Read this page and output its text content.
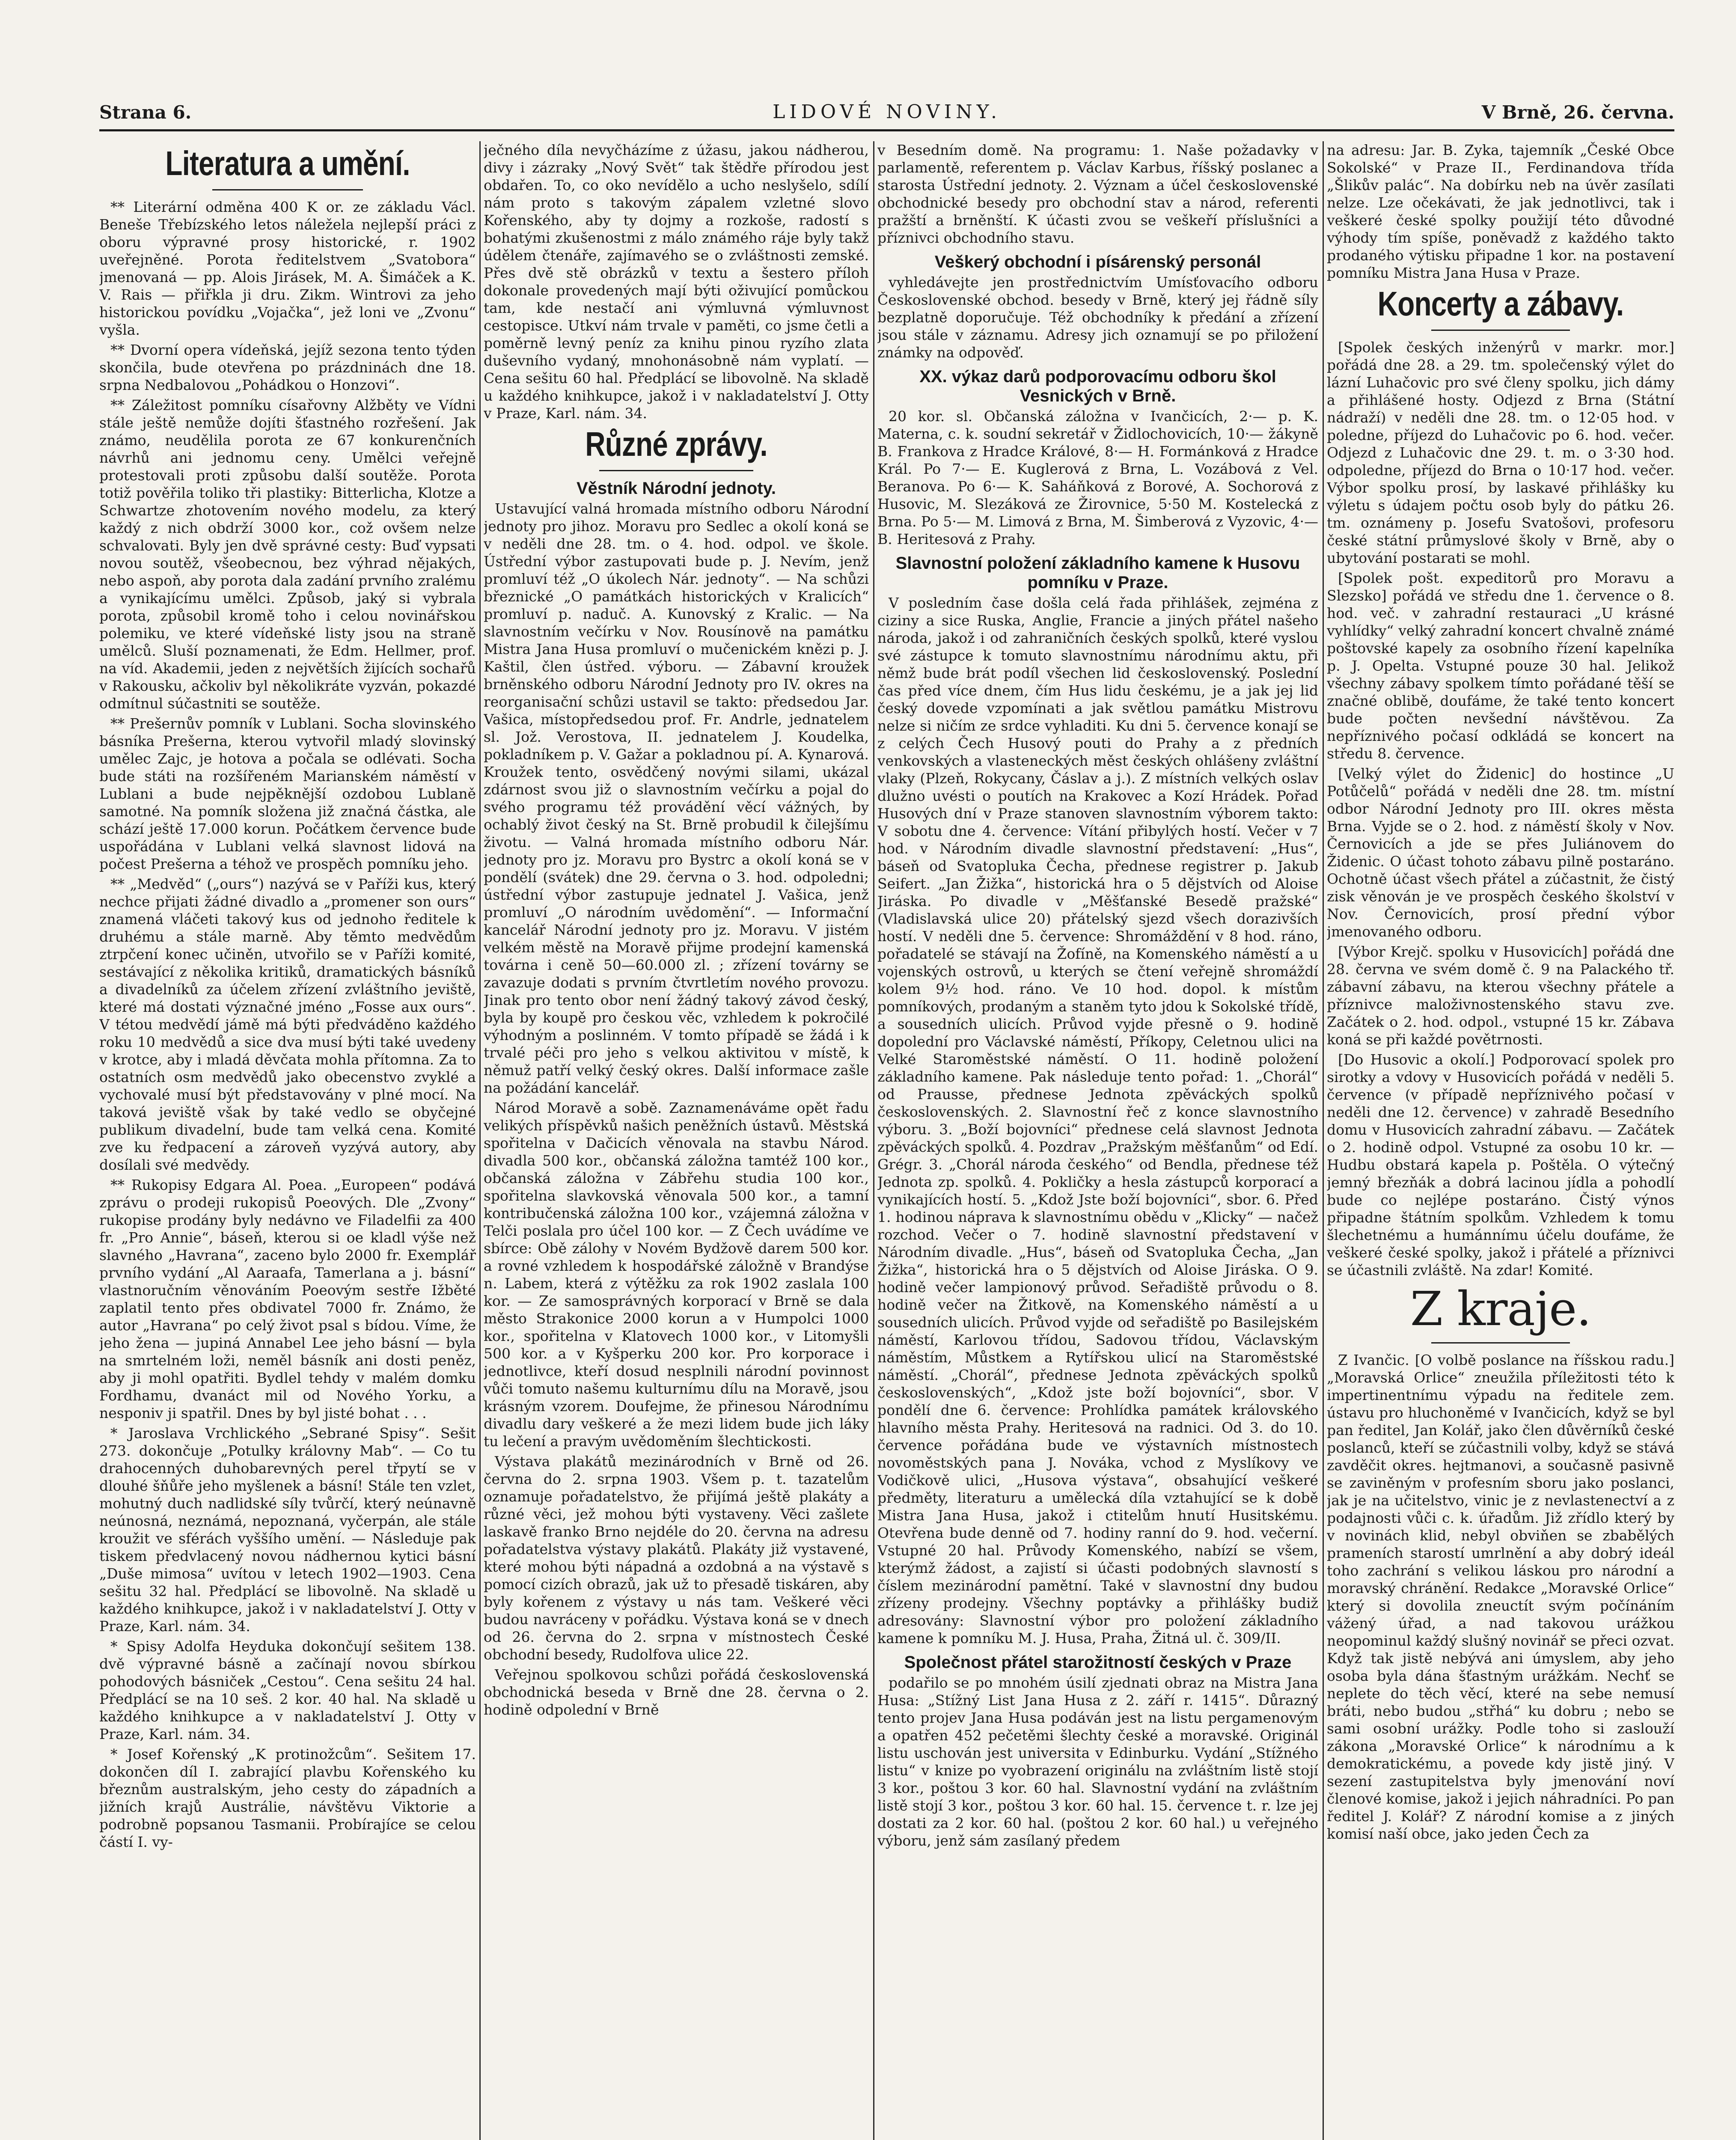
Strana 6.	LIDOVÉ NOVINY.	V Brně, 26. června.
Literatura a umění.

** Literární odměna 400 K or. ze základu Václ. Beneše Třebízského letos náležela nejlepší práci z oboru výpravné prosy historické, r. 1902 uveřejněné. Porota ředitelstvem „Svatobora“ jmenovaná — pp. Alois Jirásek, M. A. Šimáček a K. V. Rais — přiřkla ji dru. Zikm. Wintrovi za jeho historickou povídku „Vojačka“, jež loni ve „Zvonu“ vyšla.

** Dvorní opera vídeňská, jejíž sezona tento týden skončila, bude otevřena po prázdninách dne 18. srpna Nedbalovou „Pohádkou o Honzovi“.

** Záležitost pomníku císařovny Alžběty ve Vídni stále ještě nemůže dojíti šťastného rozřešení. Jak známo, neudělila porota ze 67 konkurenčních návrhů ani jednomu ceny. Umělci veřejně protestovali proti způsobu další soutěže. Porota totiž pověřila toliko tři plastiky: Bitterlicha, Klotze a Schwartze zhotovením nového modelu, za který každý z nich obdrží 3000 kor., což ovšem nelze schvalovati. Byly jen dvě správné cesty: Buď vypsati novou soutěž, všeobecnou, bez výhrad nějakých, nebo aspoň, aby porota dala zadání prvního zralému a vynikajícímu umělci. Způsob, jaký si vybrala porota, způsobil kromě toho i celou novinářskou polemiku, ve které vídeňské listy jsou na straně umělců. Sluší poznamenati, že Edm. Hellmer, prof. na víd. Akademii, jeden z největších žijících sochařů v Rakousku, ačkoliv byl několikráte vyzván, pokazdé odmítnul súčastniti se soutěže.

** Prešernův pomník v Lublani. Socha slovinského básníka Prešerna, kterou vytvořil mladý slovinský umělec Zajc, je hotova a počala se odlévati. Socha bude státi na rozšířeném Marianském náměstí v Lublani a bude nejpěknější ozdobou Lublaně samotné. Na pomník složena již značná částka, ale schází ještě 17.000 korun. Počátkem července bude uspořádána v Lublani velká slavnost lidová na počest Prešerna a téhož ve prospěch pomníku jeho.

** „Medvěd“ („ours“) nazývá se v Paříži kus, který nechce přijati žádné divadlo a „promener son ours“ znamená vláčeti takový kus od jednoho ředitele k druhému a stále marně. Aby těmto medvědům ztrpčení konec učiněn, utvořilo se v Paříži komité, sestávající z několika kritiků, dramatických básníků a divadelníků za účelem zřízení zvláštního jeviště, které má dostati význačné jméno „Fosse aux ours“. V tétou medvědí jámě má býti předváděno každého roku 10 medvědů a sice dva musí býti také uvedeny v krotce, aby i mladá děvčata mohla přítomna. Za to ostatních osm medvědů jako obecenstvo zvyklé a vychovalé musí být představovány v plné mocí. Na taková jeviště však by také vedlo se obyčejné publikum divadelní, bude tam velká cena. Komité zve ku ředpacení a zároveň vyzývá autory, aby dosílali své medvědy.

** Rukopisy Edgara Al. Poea. „Europeen“ podává zprávu o prodeji rukopisů Poeových. Dle „Zvony“ rukopise prodány byly nedávno ve Filadelfii za 400 fr. „Pro Annie“, báseň, kterou si oe kladl výše než slavného „Havrana“, zaceno bylo 2000 fr. Exemplář prvního vydání „Al Aaraafa, Tamerlana a j. básní“ vlastnoručním věnováním Poeovým sestře Ižběté zaplatil tento přes obdivatel 7000 fr. Známo, že autor „Havrana“ po celý život psal s bídou. Víme, že jeho žena — jupiná Annabel Lee jeho básní — byla na smrtelném loži, neměl básník ani dosti peněz, aby ji mohl opatřiti. Bydlel tehdy v malém domku Fordhamu, dvanáct mil od Nového Yorku, a nesponiv ji spatřil. Dnes by byl jisté bohat . . .

* Jaroslava Vrchlického „Sebrané Spisy“. Sešit 273. dokončuje „Potulky královny Mab“. — Co tu drahocenných duhobarevných perel třpytí se v dlouhé šňůře jeho myšlenek a básní! Stále ten vzlet, mohutný duch nadlidské síly tvůrčí, který neúnavně neúnosná, neznámá, nepoznaná, vyčerpán, ale stále kroužit ve sférách vyššího umění. — Následuje pak tiskem předvlacený novou nádhernou kytici básní „Duše mimosa“ uvítou v letech 1902—1903. Cena sešitu 32 hal. Předplácí se libovolně. Na skladě u každého knihkupce, jakož i v nakladatelství J. Otty v Praze, Karl. nám. 34.

* Spisy Adolfa Heyduka dokončují sešitem 138. dvě výpravné básně a začínají novou sbírkou pohodových básniček „Cestou“. Cena sešitu 24 hal. Předplácí se na 10 seš. 2 kor. 40 hal. Na skladě u každého knihkupce a v nakladatelství J. Otty v Praze, Karl. nám. 34.

* Josef Kořenský „K protinožcům“. Sešitem 17. dokončen díl I. zabrající plavbu Kořenského ku březnům australským, jeho cesty do západních a jižních krajů Austrálie, návštěvu Viktorie a podrobně popsanou Tasmanii. Probírajíce se celou částí I. vy-

ječného díla nevyčházíme z úžasu, jakou nádherou, divy i zázraky „Nový Svět“ tak štědře přírodou jest obdařen. To, co oko nevídělo a ucho neslyšelo, sdílí nám proto s takovým zápalem vzletné slovo Kořenského, aby ty dojmy a rozkoše, radostí s bohatými zkušenostmi z málo známého ráje byly takž údělem čtenáře, zajímavého se o zvláštnosti zemské. Přes dvě stě obrázků v textu a šestero příloh dokonale provedených mají býti oživující pomůckou tam, kde nestačí ani výmluvná výmluvnost cestopisce. Utkví nám trvale v paměti, co jsme četli a poměrně levný peníz za knihu pinou ryzího zlata duševního vydaný, mnohonásobně nám vyplatí. — Cena sešitu 60 hal. Předplácí se libovolně. Na skladě u každého knihkupce, jakož i v nakladatelství J. Otty v Praze, Karl. nám. 34.

Různé zprávy.
Věstník Národní jednoty.

Ustavující valná hromada místního odboru Národní jednoty pro jihoz. Moravu pro Sedlec a okolí koná se v neděli dne 28. tm. o 4. hod. odpol. ve škole. Ústřední výbor zastupovati bude p. J. Nevím, jenž promluví též „O úkolech Nár. jednoty“. — Na schůzi březnické „O památkách historických v Kralicích“ promluví p. naduč. A. Kunovský z Kralic. — Na slavnostním večírku v Nov. Rousínově na památku Mistra Jana Husa promluví o mučenickém knězi p. J. Kaštil, člen ústřed. výboru. — Zábavní kroužek brněnského odboru Národní Jednoty pro IV. okres na reorganisační schůzi ustavil se takto: předsedou Jar. Vašica, místopředsedou prof. Fr. Andrle, jednatelem sl. Jož. Verostova, II. jednatelem J. Koudelka, pokladníkem p. V. Gažar a pokladnou pí. A. Kynarová. Kroužek tento, osvědčený novými silami, ukázal zdárnost svou již o slavnostním večírku a pojal do svého programu též provádění věcí vážných, by ochablý život český na St. Brně probudil k čilejšímu životu. — Valná hromada místního odboru Nár. jednoty pro jz. Moravu pro Bystrc a okolí koná se v pondělí (svátek) dne 29. června o 3. hod. odpoledni; ústřední výbor zastupuje jednatel J. Vašica, jenž promluví „O národním uvědomění“. — Informační kancelář Národní jednoty pro jz. Moravu. V jistém velkém městě na Moravě přijme prodejní kamenská továrna i ceně 50—60.000 zl. ; zřízení továrny se zavazuje dodati s prvním čtvrtletím nového provozu. Jinak pro tento obor není žádný takový závod český, byla by koupě pro českou věc, vzhledem k pokročilé výhodným a poslinném. V tomto případě se žádá i k trvalé péči pro jeho s velkou aktivitou v místě, k němuž patří velký český okres. Další informace zašle na požádání kancelář.

Národ Moravě a sobě. Zaznamenáváme opět řadu velikých příspěvků našich peněžních ústavů. Městská spořitelna v Dačicích věnovala na stavbu Národ. divadla 500 kor., občanská záložna tamtéž 100 kor., občanská záložna v Zábřehu studia 100 kor., spořitelna slavkovská věnovala 500 kor., a tamní kontribučenská záložna 100 kor., vzájemná záložna v Telči poslala pro účel 100 kor. — Z Čech uvádíme ve sbírce: Obě zálohy v Novém Bydžově darem 500 kor. a rovné vzhledem k hospodářské záložně v Brandýse n. Labem, která z výtěžku za rok 1902 zaslala 100 kor. — Ze samosprávných korporací v Brně se dala město Strakonice 2000 korun a v Humpolci 1000 kor., spořitelna v Klatovech 1000 kor., v Litomyšli 500 kor. a v Kyšperku 200 kor. Pro korporace i jednotlivce, kteří dosud nesplnili národní povinnost vůči tomuto našemu kulturnímu dílu na Moravě, jsou krásným vzorem. Doufejme, že přinesou Národnímu divadlu dary veškeré a že mezi lidem bude jich láky tu lečení a pravým uvědoměním šlechtickosti.

Výstava plakátů mezinárodních v Brně od 26. června do 2. srpna 1903. Všem p. t. tazatelům oznamuje pořadatelstvo, že přijímá ještě plakáty a různé věci, jež mohou býti vystaveny. Věci zašlete laskavě franko Brno nejdéle do 20. června na adresu pořadatelstva výstavy plakátů. Plakáty již vystavené, které mohou býti nápadná a ozdobná a na výstavě s pomocí cizích obrazů, jak už to přesadě tiskáren, aby byly kořenem z výstavy u nás tam. Veškeré věci budou navráceny v pořádku. Výstava koná se v dnech od 26. června do 2. srpna v místnostech České obchodní besedy, Rudolfova ulice 22.

Veřejnou spolkovou schůzi pořádá československá obchodnická beseda v Brně dne 28. června o 2. hodině odpolední v Brně

v Besedním domě. Na programu: 1. Naše požadavky v parlamentě, referentem p. Václav Karbus, říšský poslanec a starosta Ústřední jednoty. 2. Význam a účel československé obchodnické besedy pro obchodní stav a národ, referenti pražští a brněnští. K účasti zvou se veškeří příslušníci a příznivci obchodního stavu.

Veškerý obchodní i písárenský personál

vyhledávejte jen prostřednictvím Umísťovacího odboru Československé obchod. besedy v Brně, který jej řádně síly bezplatně doporučuje. Též obchodníky k předání a zřízení jsou stále v záznamu. Adresy jich oznamují se po přiložení známky na odpověď.

XX. výkaz darů podporovacímu odboru škol Vesnických v Brně.

20 kor. sl. Občanská záložna v Ivančicích, 2·— p. K. Materna, c. k. soudní sekretář v Židlochovicích, 10·— žákyně B. Frankova z Hradce Králové, 8·— H. Formánková z Hradce Král. Po 7·— E. Kuglerová z Brna, L. Vozábová z Vel. Beranova. Po 6·— K. Saháňková z Borové, A. Sochorová z Husovic, M. Slezáková ze Žirovnice, 5·50 M. Kostelecká z Brna. Po 5·— M. Limová z Brna, M. Šimberová z Vyzovic, 4·— B. Heritesová z Prahy.

Slavnostní položení základního kamene k Husovu pomníku v Praze.

V posledním čase došla celá řada přihlášek, zejména z ciziny a sice Ruska, Anglie, Francie a jiných přátel našeho národa, jakož i od zahraničních českých spolků, které vyslou své zástupce k tomuto slavnostnímu národnímu aktu, při němž bude brát podíl všechen lid československý. Poslední čas před více dnem, čím Hus lidu českému, je a jak jej lid český dovede vzpomínati a jak světlou památku Mistrovu nelze si ničím ze srdce vyhladiti. Ku dni 5. července konají se z celých Čech Husový pouti do Prahy a z předních venkovských a vlasteneckých měst českých ohlášeny zvláštní vlaky (Plzeň, Rokycany, Čáslav a j.). Z místních velkých oslav dlužno uvésti o poutích na Krakovec a Kozí Hrádek. Pořad Husových dní v Praze stanoven slavnostním výborem takto: V sobotu dne 4. července: Vítání přibylých hostí. Večer v 7 hod. v Národním divadle slavnostní představení: „Hus“, báseň od Svatopluka Čecha, přednese registrer p. Jakub Seifert. „Jan Žižka“, historická hra o 5 dějstvích od Aloise Jiráska. Po divadle v „Měšťanské Besedě pražské“ (Vladislavská ulice 20) přátelský sjezd všech dorazivších hostí. V neděli dne 5. července: Shromáždění v 8 hod. ráno, pořadatelé se stávají na Žofíně, na Komenského náměstí a u vojenských ostrovů, u kterých se čtení veřejně shromáždí kolem 9½ hod. ráno. Ve 10 hod. dopol. k místům pomníkových, prodaným a staněm tyto jdou k Sokolské třídě, a sousedních ulicích. Průvod vyjde přesně o 9. hodině dopolední pro Václavské náměstí, Příkopy, Celetnou ulici na Velké Staroměstské náměstí. O 11. hodině položení základního kamene. Pak následuje tento pořad: 1. „Chorál“ od Prausse, přednese Jednota zpěváckých spolků československých. 2. Slavnostní řeč z konce slavnostního výboru. 3. „Boží bojovníci“ přednese celá slavnost Jednota zpěváckých spolků. 4. Pozdrav „Pražským měšťanům“ od Edí. Grégr. 3. „Chorál národa českého“ od Bendla, přednese též Jednota zp. spolků. 4. Pokličky a hesla zástupců korporací a vynikajících hostí. 5. „Kdož Jste boží bojovníci“, sbor. 6. Před 1. hodinou náprava k slavnostnímu obědu v „Klicky“ — načež rozchod. Večer o 7. hodině slavnostní představení v Národním divadle. „Hus“, báseň od Svatopluka Čecha, „Jan Žižka“, historická hra o 5 dějstvích od Aloise Jiráska. O 9. hodině večer lampionový průvod. Seřadiště průvodu o 8. hodině večer na Žitkově, na Komenského náměstí a u sousedních ulicích. Průvod vyjde od seřadiště po Basilejském náměstí, Karlovou třídou, Sadovou třídou, Václavským náměstím, Můstkem a Rytířskou ulicí na Staroměstské náměstí. „Chorál“, přednese Jednota zpěváckých spolků československých“, „Kdož jste boží bojovníci“, sbor. V pondělí dne 6. července: Prohlídka památek královského hlavního města Prahy. Heritesová na radnici. Od 3. do 10. července pořádána bude ve výstavních místnostech novoměstských pana J. Nováka, vchod z Myslíkovy ve Vodičkově ulici, „Husova výstava“, obsahující veškeré předměty, literaturu a umělecká díla vztahující se k době Mistra Jana Husa, jakož i ctitelům hnutí Husitskému. Otevřena bude denně od 7. hodiny ranní do 9. hod. večerní. Vstupné 20 hal. Průvody Komenského, nabízí se všem, kterýmž žádost, a zajistí si účasti podobných slavností s číslem mezinárodní pamětní. Také v slavnostní dny budou zřízeny prodejny. Všechny poptávky a přihlášky budiž adresovány: Slavnostní výbor pro položení základního kamene k pomníku M. J. Husa, Praha, Žitná ul. č. 309/II.

Společnost přátel starožitností českých v Praze

podařilo se po mnohém úsilí zjednati obraz na Mistra Jana Husa: „Stížný List Jana Husa z 2. září r. 1415“. Důrazný tento projev Jana Husa podáván jest na listu pergamenovým a opatřen 452 pečetěmi šlechty české a moravské. Originál listu uschován jest universita v Edinburku. Vydání „Stížného listu“ v knize po vyobrazení originálu na zvláštním listě stojí 3 kor., poštou 3 kor. 60 hal. Slavnostní vydání na zvláštním listě stojí 3 kor., poštou 3 kor. 60 hal. 15. července t. r. lze jej dostati za 2 kor. 60 hal. (poštou 2 kor. 60 hal.) u veřejného výboru, jenž sám zasílaný předem

na adresu: Jar. B. Zyka, tajemník „České Obce Sokolské“ v Praze II., Ferdinandova třída „Šlikův palác“. Na dobírku neb na úvěr zasílati nelze. Lze očekávati, že jak jednotlivci, tak i veškeré české spolky použijí této důvodné výhody tím spíše, poněvadž z každého takto prodaného výtisku připadne 1 kor. na postavení pomníku Mistra Jana Husa v Praze.

Koncerty a zábavy.

[Spolek českých inženýrů v markr. mor.] pořádá dne 28. a 29. tm. společenský výlet do lázní Luhačovic pro své členy spolku, jich dámy a přihlášené hosty. Odjezd z Brna (Státní nádraží) v neděli dne 28. tm. o 12·05 hod. v poledne, příjezd do Luhačovic po 6. hod. večer. Odjezd z Luhačovic dne 29. t. m. o 3·30 hod. odpoledne, příjezd do Brna o 10·17 hod. večer. Výbor spolku prosí, by laskavé přihlášky ku výletu s údajem počtu osob byly do pátku 26. tm. oznámeny p. Josefu Svatošovi, profesoru české státní průmyslové školy v Brně, aby o ubytování postarati se mohl.

[Spolek pošt. expeditorů pro Moravu a Slezsko] pořádá ve středu dne 1. července o 8. hod. več. v zahradní restauraci „U krásné vyhlídky“ velký zahradní koncert chvalně známé poštovské kapely za osobního řízení kapelníka p. J. Opelta. Vstupné pouze 30 hal. Jelikož všechny zábavy spolkem tímto pořádané těší se značné oblibě, doufáme, že také tento koncert bude počten nevšední návštěvou. Za nepříznivého počasí odkládá se koncert na středu 8. července.

[Velký výlet do Židenic] do hostince „U Potůčelů“ pořádá v neděli dne 28. tm. místní odbor Národní Jednoty pro III. okres města Brna. Vyjde se o 2. hod. z náměstí školy v Nov. Černovicích a jde se přes Juliánovem do Židenic. O účast tohoto zábavu pilně postaráno. Ochotně účast všech přátel a zúčastnit, že čistý zisk věnován je ve prospěch českého školství v Nov. Černovicích, prosí přední výbor jmenovaného odboru.

[Výbor Krejč. spolku v Husovicích] pořádá dne 28. června ve svém domě č. 9 na Palackého tř. zábavní zábavu, na kterou všechny přátele a příznivce maloživnostenského stavu zve. Začátek o 2. hod. odpol., vstupné 15 kr. Zábava koná se při každé povětrnosti.

[Do Husovic a okolí.] Podporovací spolek pro sirotky a vdovy v Husovicích pořádá v neděli 5. července (v případě nepříznivého počasí v neděli dne 12. července) v zahradě Besedního domu v Husovicích zahradní zábavu. — Začátek o 2. hodině odpol. Vstupné za osobu 10 kr. — Hudbu obstará kapela p. Poštěla. O výtečný jemný březňák a dobrá lacinou jídla a pohodlí bude co nejlépe postaráno. Čistý výnos připadne štátním spolkům. Vzhledem k tomu šlechetnému a humánnímu účelu doufáme, že veškeré české spolky, jakož i přátelé a příznivci se účastnili zvláště. Na zdar! Komité.

Z kraje.

Z Ivančic. [O volbě poslance na říšskou radu.] „Moravská Orlice“ zneužila příležitosti této k impertinentnímu výpadu na ředitele zem. ústavu pro hluchoněmé v Ivančicích, když se byl pan ředitel, Jan Kolář, jako člen důvěrníků české poslanců, kteří se zúčastnili volby, když se stává zavděčit okres. hejtmanovi, a současně pasivně se zaviněným v profesním sboru jako poslanci, jak je na učitelstvo, vinic je z nevlastenectví a z podajnosti vůči c. k. úřadům. Již zřídlo který by v novinách klid, nebyl obviňen se zbabělých prameních starostí umrlnění a aby dobrý ideál toho zachrání s velikou láskou pro národní a moravský chránění. Redakce „Moravské Orlice“ který si dovolila zneuctít svým počínáním vážený úřad, a nad takovou urážkou neopominul každý slušný novinář se přeci ozvat. Když tak jistě nebývá ani úmyslem, aby jeho osoba byla dána šťastným urážkám. Nechť se neplete do těch věcí, které na sebe nemusí bráti, nebo budou „střhá“ ku dobru ; nebo se sami osobní urážky. Podle toho si zaslouží zákona „Moravské Orlice“ k národnímu a k demokratickému, a povede kdy jistě jiný. V sezení zastupitelstva byly jmenování noví členové komise, jakož i jejich náhradníci. Po pan ředitel J. Kolář? Z národní komise a z jiných komisí naší obce, jako jeden Čech za
